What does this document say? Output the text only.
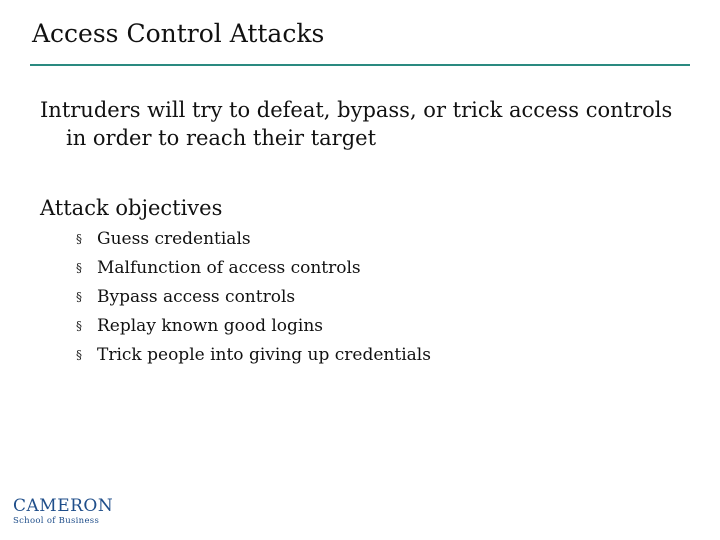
Access Control Attacks
Intruders will try to defeat, bypass, or trick access controls
in order to reach their target
Attack objectives
§ Guess credentials
§ Malfunction of access controls
§ Bypass access controls
§ Replay known good logins
§ Trick people into giving up credentials
CAMERON
School of Business
